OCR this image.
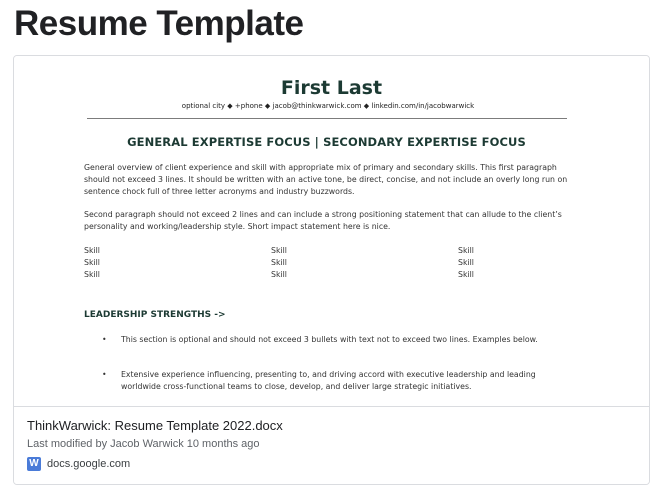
Resume Template
First Last
optional city ◆ +phone ◆ jacob@thinkwarwick.com ◆ linkedin.com/in/jacobwarwick
GENERAL EXPERTISE FOCUS | SECONDARY EXPERTISE FOCUS
General overview of client experience and skill with appropriate mix of primary and secondary skills. This first paragraph should not exceed 3 lines. It should be written with an active tone, be direct, concise, and not include an overly long run on sentence chock full of three letter acronyms and industry buzzwords.
Second paragraph should not exceed 2 lines and can include a strong positioning statement that can allude to the client’s personality and working/leadership style. Short impact statement here is nice.
Skill
Skill
Skill
Skill
Skill
Skill
Skill
Skill
Skill
LEADERSHIP STRENGTHS ->
• This section is optional and should not exceed 3 bullets with text not to exceed two lines. Examples below.
• Extensive experience influencing, presenting to, and driving accord with executive leadership and leading worldwide cross-functional teams to close, develop, and deliver large strategic initiatives.
ThinkWarwick: Resume Template 2022.docx
Last modified by Jacob Warwick 10 months ago
W docs.google.com
